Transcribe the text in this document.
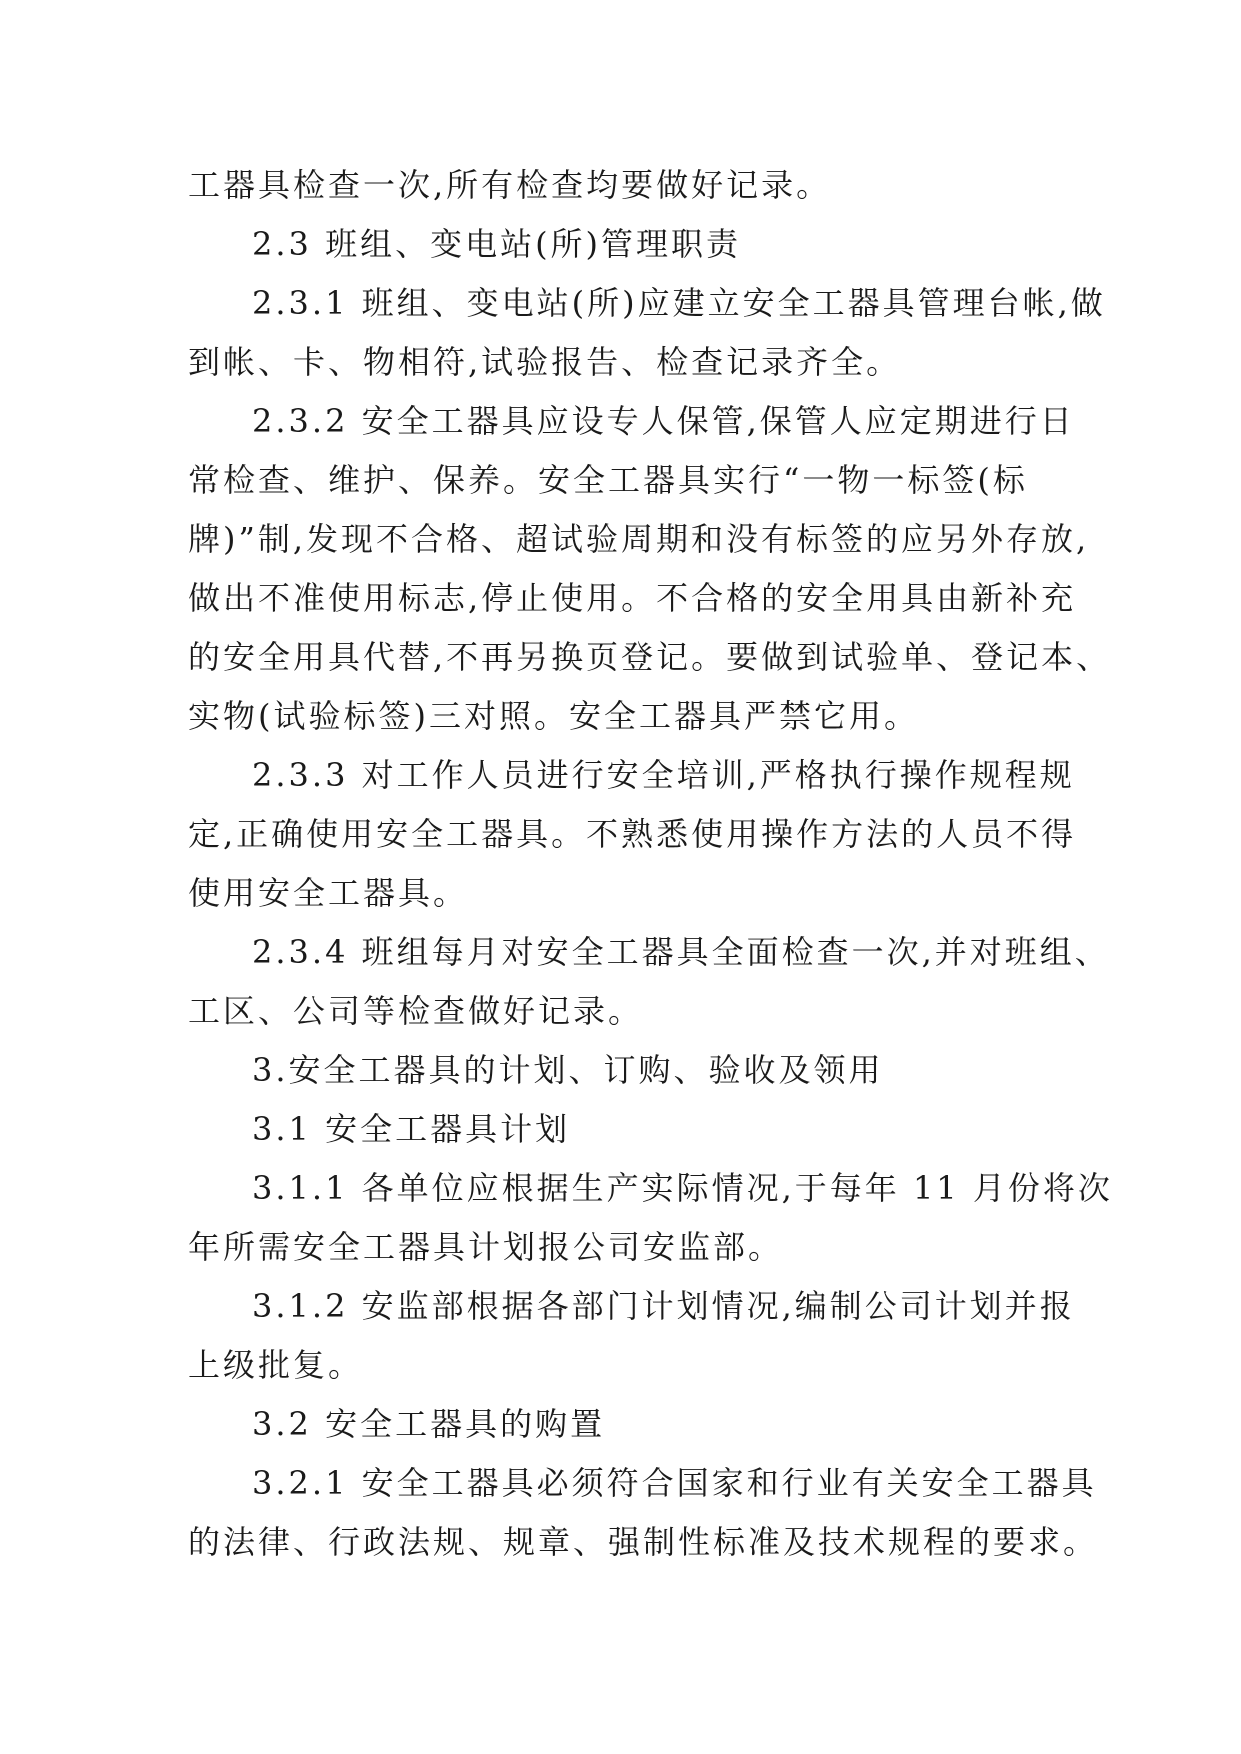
工器具检查一次,所有检查均要做好记录。
2.3 班组、变电站(所)管理职责
2.3.1 班组、变电站(所)应建立安全工器具管理台帐,做
到帐、卡、物相符,试验报告、检查记录齐全。
2.3.2 安全工器具应设专人保管,保管人应定期进行日
常检查、维护、保养。安全工器具实行“一物一标签(标
牌)”制,发现不合格、超试验周期和没有标签的应另外存放,
做出不准使用标志,停止使用。不合格的安全用具由新补充
的安全用具代替,不再另换页登记。要做到试验单、登记本、
实物(试验标签)三对照。安全工器具严禁它用。
2.3.3 对工作人员进行安全培训,严格执行操作规程规
定,正确使用安全工器具。不熟悉使用操作方法的人员不得
使用安全工器具。
2.3.4 班组每月对安全工器具全面检查一次,并对班组、
工区、公司等检查做好记录。
3.安全工器具的计划、订购、验收及领用
3.1 安全工器具计划
3.1.1 各单位应根据生产实际情况,于每年 11 月份将次
年所需安全工器具计划报公司安监部。
3.1.2 安监部根据各部门计划情况,编制公司计划并报
上级批复。
3.2 安全工器具的购置
3.2.1 安全工器具必须符合国家和行业有关安全工器具
的法律、行政法规、规章、强制性标准及技术规程的要求。
